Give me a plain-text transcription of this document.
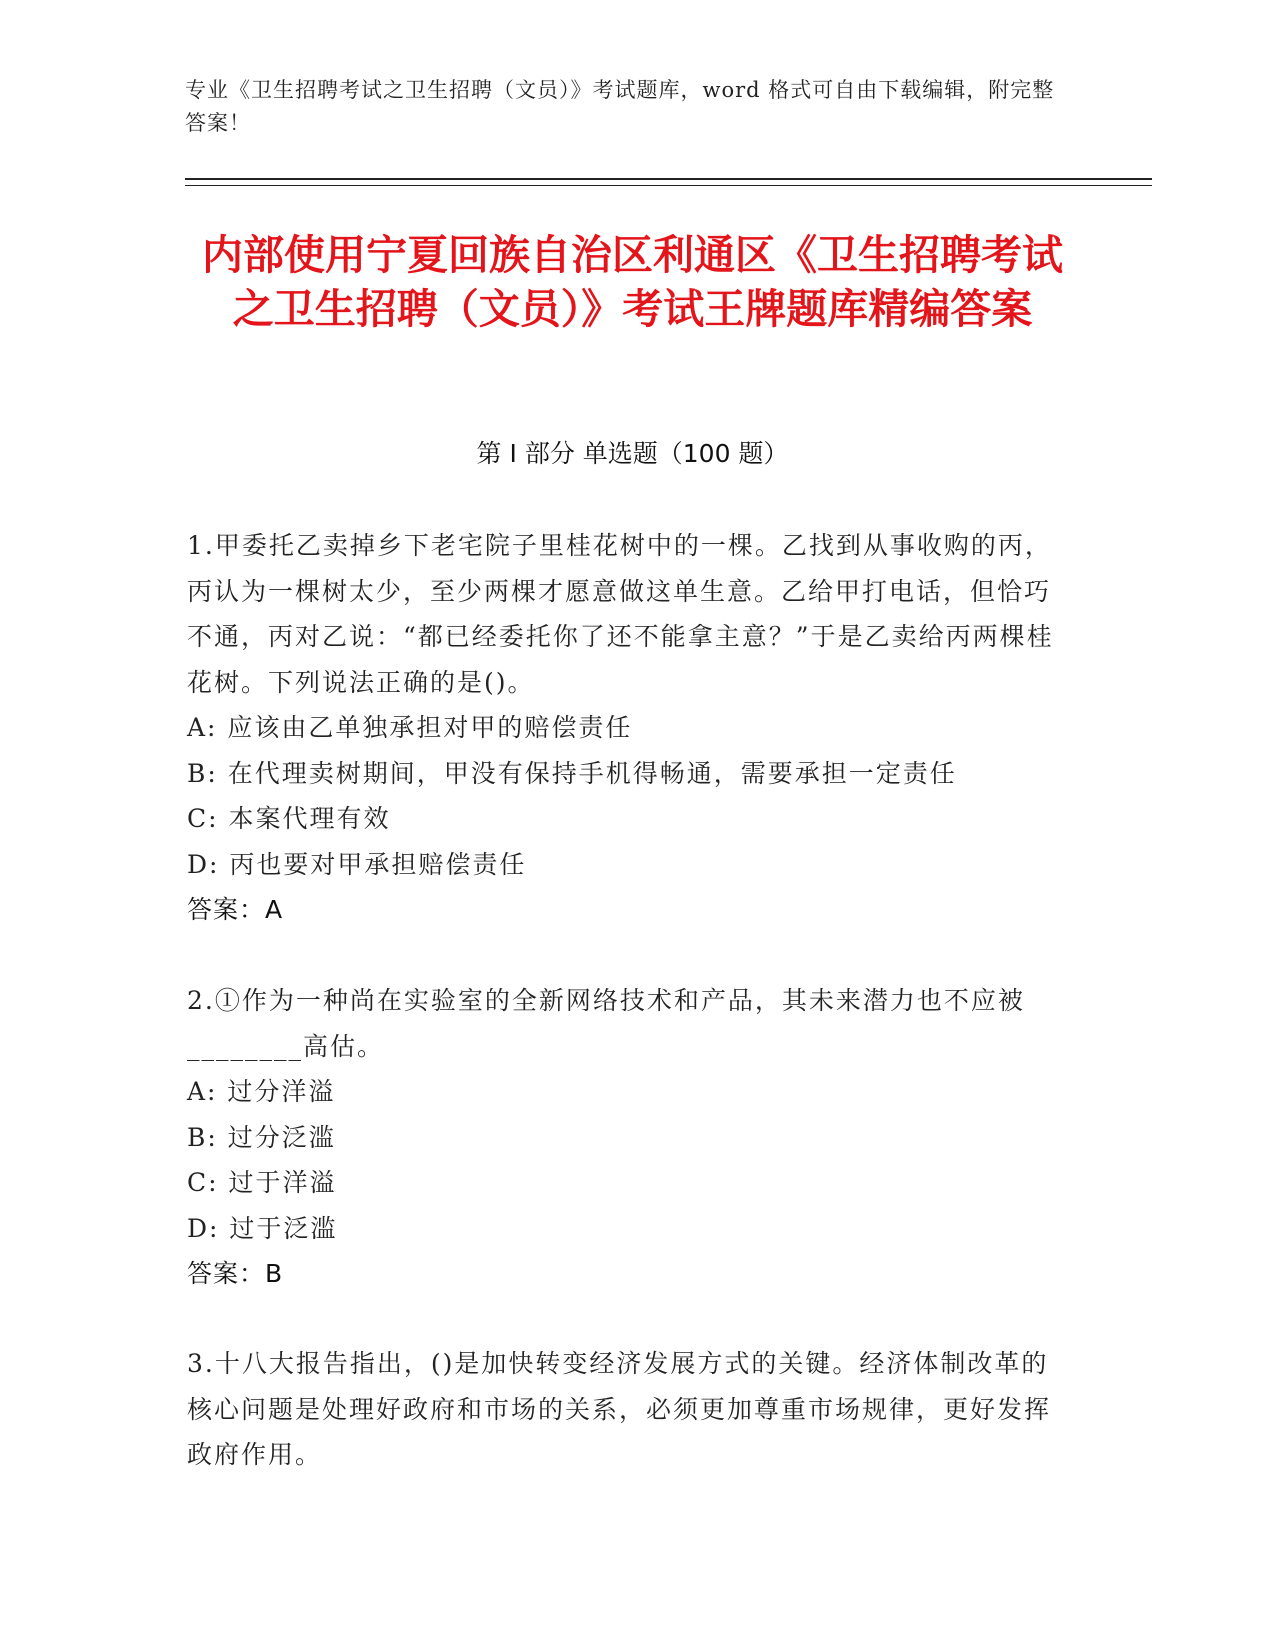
专业《卫生招聘考试之卫生招聘（文员）》考试题库，word 格式可自由下载编辑，附完整答案！
内部使用宁夏回族自治区利通区《卫生招聘考试之卫生招聘（文员）》考试王牌题库精编答案
第 I 部分 单选题（100 题）
1.甲委托乙卖掉乡下老宅院子里桂花树中的一棵。乙找到从事收购的丙，丙认为一棵树太少，至少两棵才愿意做这单生意。乙给甲打电话，但恰巧不通，丙对乙说：“都已经委托你了还不能拿主意？”于是乙卖给丙两棵桂花树。下列说法正确的是()。
A: 应该由乙单独承担对甲的赔偿责任
B: 在代理卖树期间，甲没有保持手机得畅通，需要承担一定责任
C: 本案代理有效
D: 丙也要对甲承担赔偿责任
答案：A
2.①作为一种尚在实验室的全新网络技术和产品，其未来潜力也不应被________高估。
A: 过分洋溢
B: 过分泛滥
C: 过于洋溢
D: 过于泛滥
答案：B
3.十八大报告指出，()是加快转变经济发展方式的关键。经济体制改革的核心问题是处理好政府和市场的关系，必须更加尊重市场规律，更好发挥政府作用。
